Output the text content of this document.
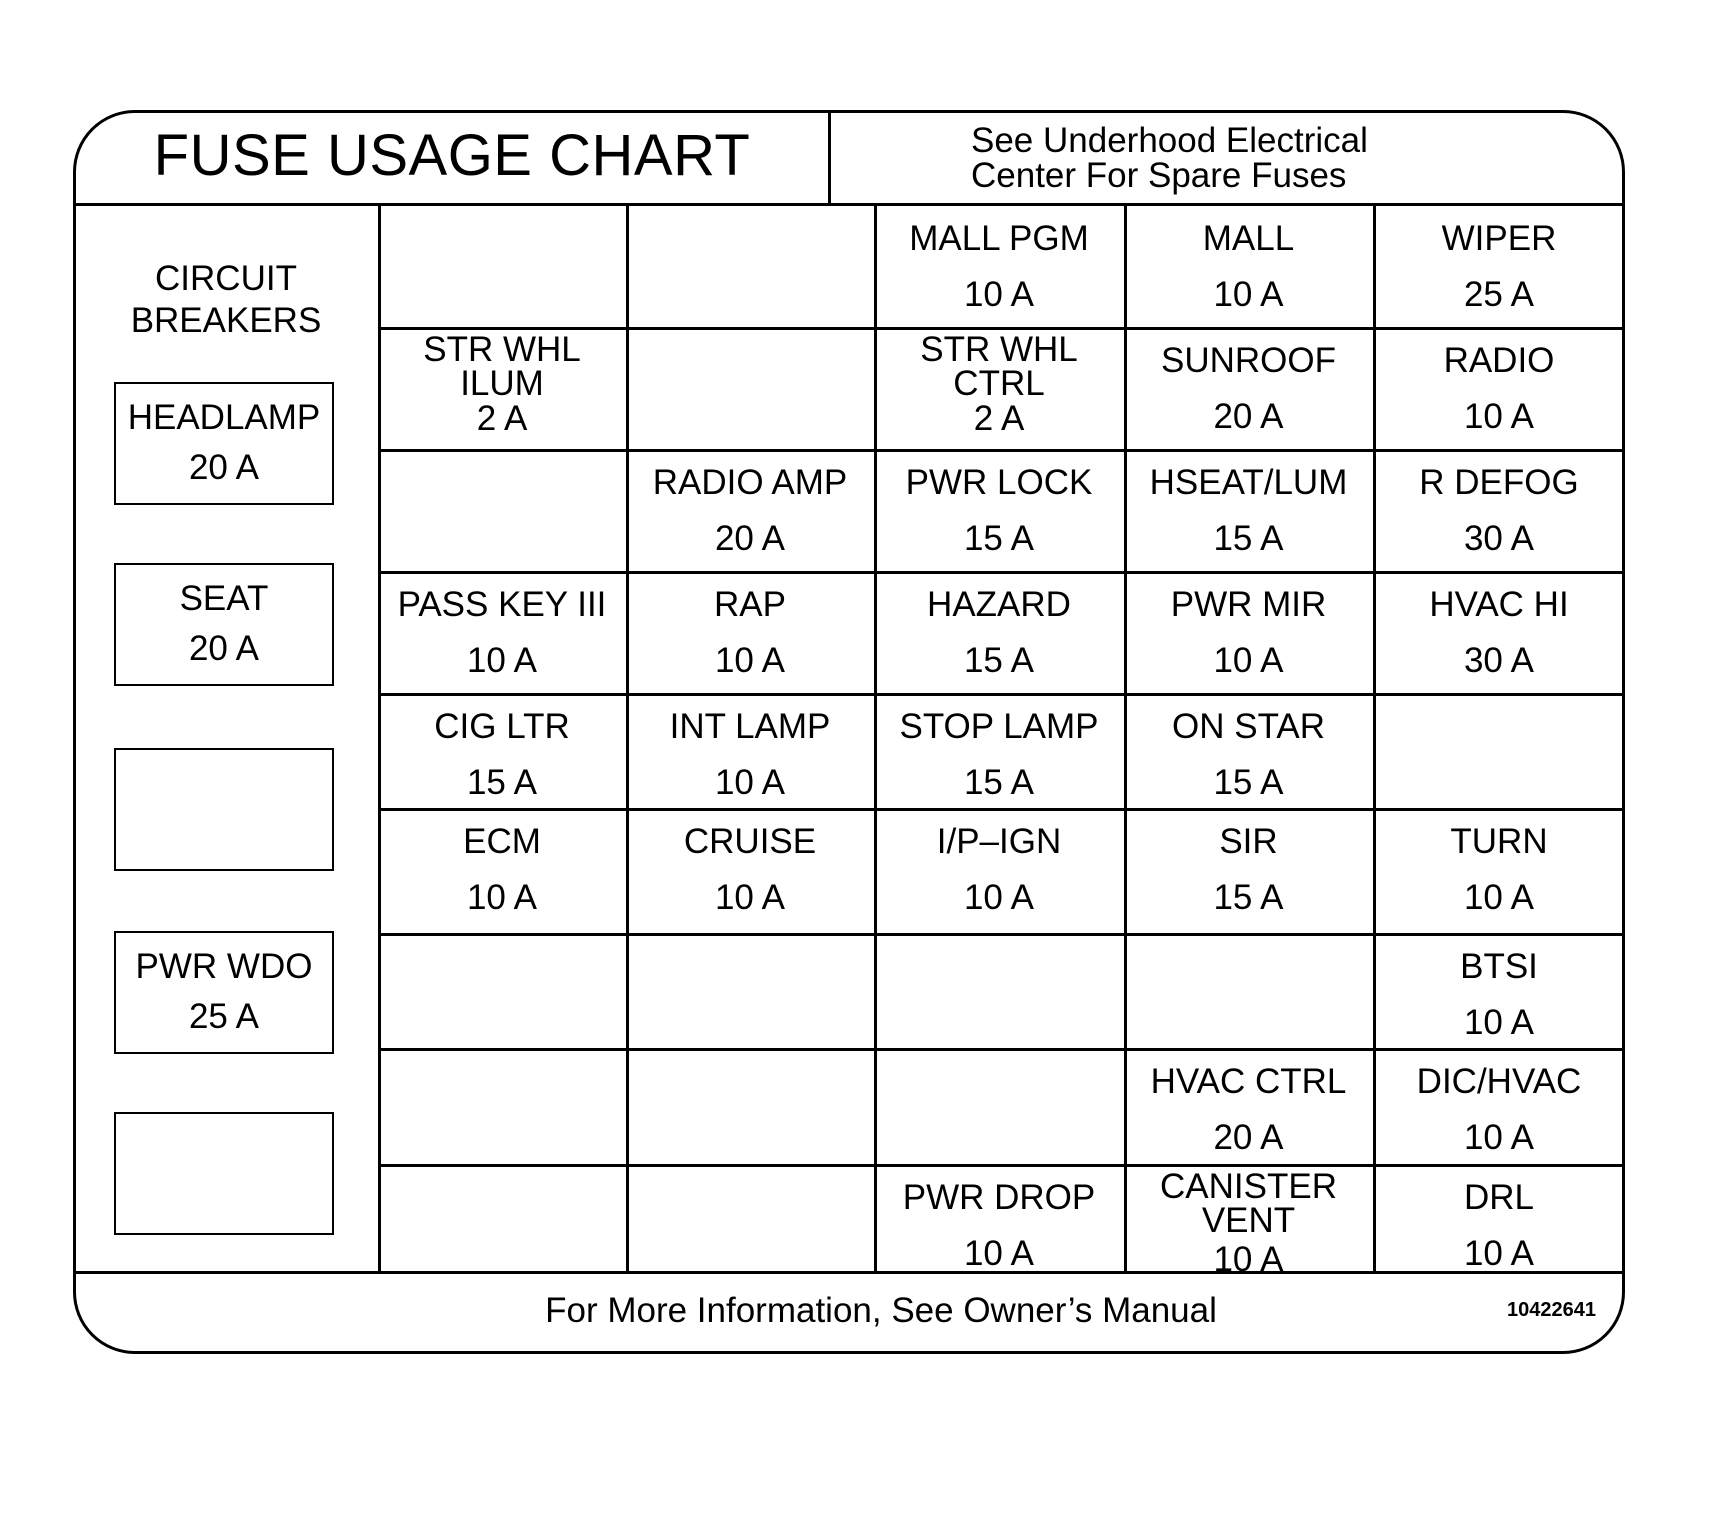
FUSE USAGE CHART	See Underhood Electrical
Center For Spare Fuses
CIRCUIT
BREAKERS
HEADLAMP
20 A
SEAT
20 A
PWR WDO
25 A
MALL PGM
10 A
MALL
10 A
WIPER
25 A
STR WHL
ILUM
2 A
STR WHL
CTRL
2 A
SUNROOF
20 A
RADIO
10 A
RADIO AMP
20 A
PWR LOCK
15 A
HSEAT/LUM
15 A
R DEFOG
30 A
PASS KEY III
10 A
RAP
10 A
HAZARD
15 A
PWR MIR
10 A
HVAC HI
30 A
CIG LTR
15 A
INT LAMP
10 A
STOP LAMP
15 A
ON STAR
15 A
ECM
10 A
CRUISE
10 A
I/P–IGN
10 A
SIR
15 A
TURN
10 A
BTSI
10 A
HVAC CTRL
20 A
DIC/HVAC
10 A
PWR DROP
10 A
CANISTER
VENT
10 A
DRL
10 A
For More Information, See Owner’s Manual	10422641
